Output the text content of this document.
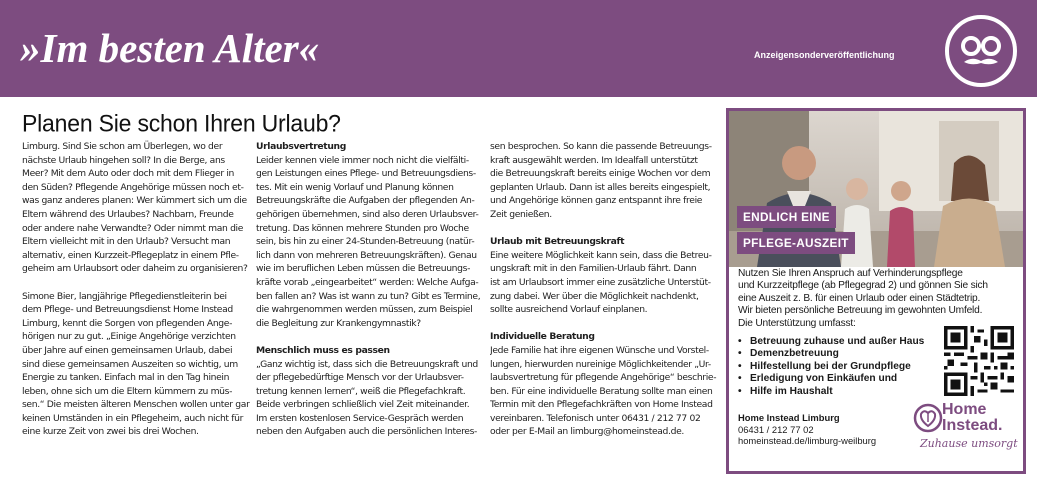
»Im besten Alter«	Anzeigensonderveröffentlichung
Planen Sie schon Ihren Urlaub?

Limburg. Sind Sie schon am Überlegen, wo der

nächste Urlaub hingehen soll? In die Berge, ans

Meer? Mit dem Auto oder doch mit dem Flieger in

den Süden? Pflegende Angehörige müssen noch et-

was ganz anderes planen: Wer kümmert sich um die

Eltern während des Urlaubes? Nachbarn, Freunde

oder andere nahe Verwandte? Oder nimmt man die

Eltern vielleicht mit in den Urlaub? Versucht man

alternativ, einen Kurzzeit-Pflegeplatz in einem Pfle-

geheim am Urlaubsort oder daheim zu organisieren?

Simone Bier, langjährige Pflegedienstleiterin bei

dem Pflege- und Betreuungsdienst Home Instead

Limburg, kennt die Sorgen von pflegenden Ange-

hörigen nur zu gut. „Einige Angehörige verzichten

über Jahre auf einen gemeinsamen Urlaub, dabei

sind diese gemeinsamen Auszeiten so wichtig, um

Energie zu tanken. Einfach mal in den Tag hinein

leben, ohne sich um die Eltern kümmern zu müs-

sen.“ Die meisten älteren Menschen wollen unter gar

keinen Umständen in ein Pflegeheim, auch nicht für

eine kurze Zeit von zwei bis drei Wochen.

Urlaubsvertretung

Leider kennen viele immer noch nicht die vielfälti-

gen Leistungen eines Pflege- und Betreuungsdiens-

tes. Mit ein wenig Vorlauf und Planung können

Betreuungskräfte die Aufgaben der pflegenden An-

gehörigen übernehmen, sind also deren Urlaubsver-

tretung. Das können mehrere Stunden pro Woche

sein, bis hin zu einer 24-Stunden-Betreuung (natür-

lich dann von mehreren Betreuungskräften). Genau

wie im beruflichen Leben müssen die Betreuungs-

kräfte vorab „eingearbeitet“ werden: Welche Aufga-

ben fallen an? Was ist wann zu tun? Gibt es Termine,

die wahrgenommen werden müssen, zum Beispiel

die Begleitung zur Krankengymnastik?

Menschlich muss es passen

„Ganz wichtig ist, dass sich die Betreuungskraft und

der pflegebedürftige Mensch vor der Urlaubsver-

tretung kennen lernen“, weiß die Pflegefachkraft.

Beide verbringen schließlich viel Zeit miteinander.

Im ersten kostenlosen Service-Gespräch werden

neben den Aufgaben auch die persönlichen Interes-

sen besprochen. So kann die passende Betreuungs-

kraft ausgewählt werden. Im Idealfall unterstützt

die Betreuungskraft bereits einige Wochen vor dem

geplanten Urlaub. Dann ist alles bereits eingespielt,

und Angehörige können ganz entspannt ihre freie

Zeit genießen.

Urlaub mit Betreuungskraft

Eine weitere Möglichkeit kann sein, dass die Betreu-

ungskraft mit in den Familien-Urlaub fährt. Dann

ist am Urlaubsort immer eine zusätzliche Unterstüt-

zung dabei. Wer über die Möglichkeit nachdenkt,

sollte ausreichend Vorlauf einplanen.

Individuelle Beratung

Jede Familie hat ihre eigenen Wünsche und Vorstel-

lungen, hierwurden nureinige Möglichkeitender „Ur-

laubsvertretung für pflegende Angehörige“ beschrie-

ben. Für eine individuelle Beratung sollte man einen

Termin mit den Pflegefachkräften von Home Instead

vereinbaren. Telefonisch unter 06431 / 212 77 02

oder per E-Mail an limburg@homeinstead.de.

ENDLICH EINE
PFLEGE-AUSZEIT

Nutzen Sie Ihren Anspruch auf Verhinderungspflege

und Kurzzeitpflege (ab Pflegegrad 2) und gönnen Sie sich

eine Auszeit z. B. für einen Urlaub oder einen Städtetrip.

Wir bieten persönliche Betreuung im gewohnten Umfeld.

Die Unterstützung umfasst:

• Betreuung zuhause und außer Haus
• Demenzbetreuung
• Hilfestellung bei der Grundpflege
• Erledigung von Einkäufen und
• Hilfe im Haushalt
Home Instead Limburg
06431 / 212 77 02
homeinstead.de/limburg-weilburg
Home
Instead.
Zuhause umsorgt
